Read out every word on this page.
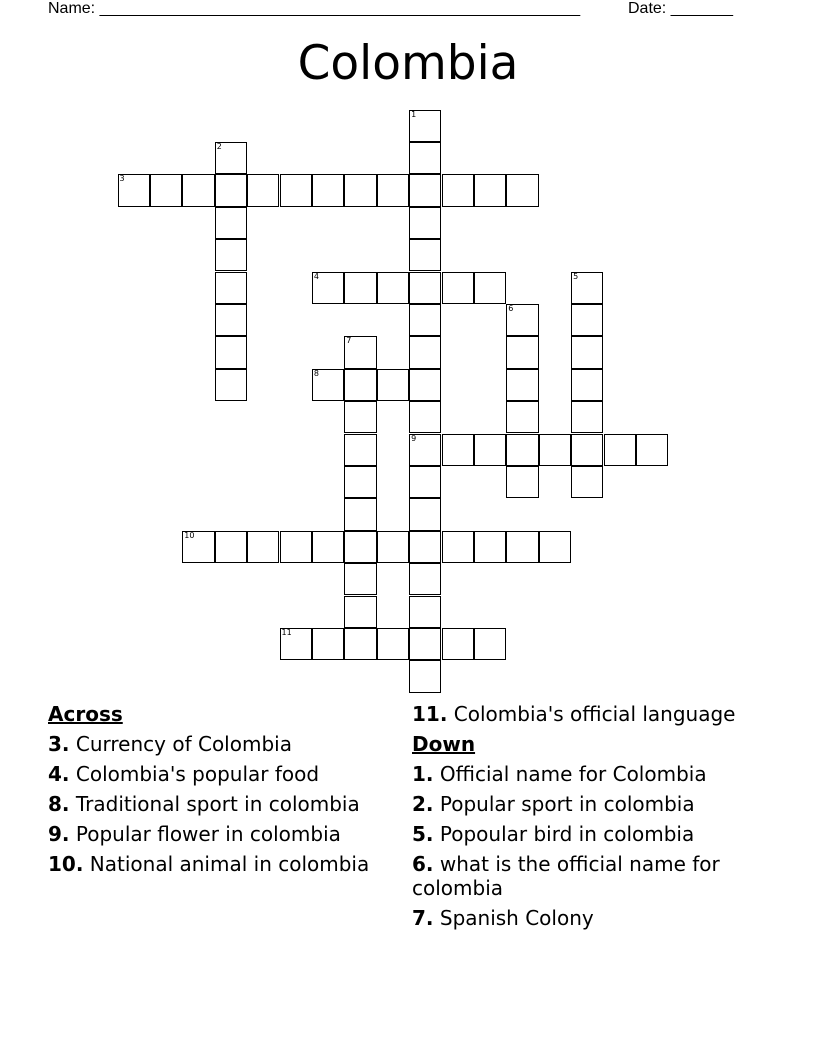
Name: ______________________________________________________	Date: _______
Colombia
1
9
2
3
4	5
6
7
8
10
11
Across
3. Currency of Colombia
4. Colombia's popular food
8. Traditional sport in colombia
9. Popular flower in colombia
10. National animal in colombia
11. Colombia's official language
Down
1. Official name for Colombia
2. Popular sport in colombia
5. Popoular bird in colombia
6. what is the official name for colombia
7. Spanish Colony
